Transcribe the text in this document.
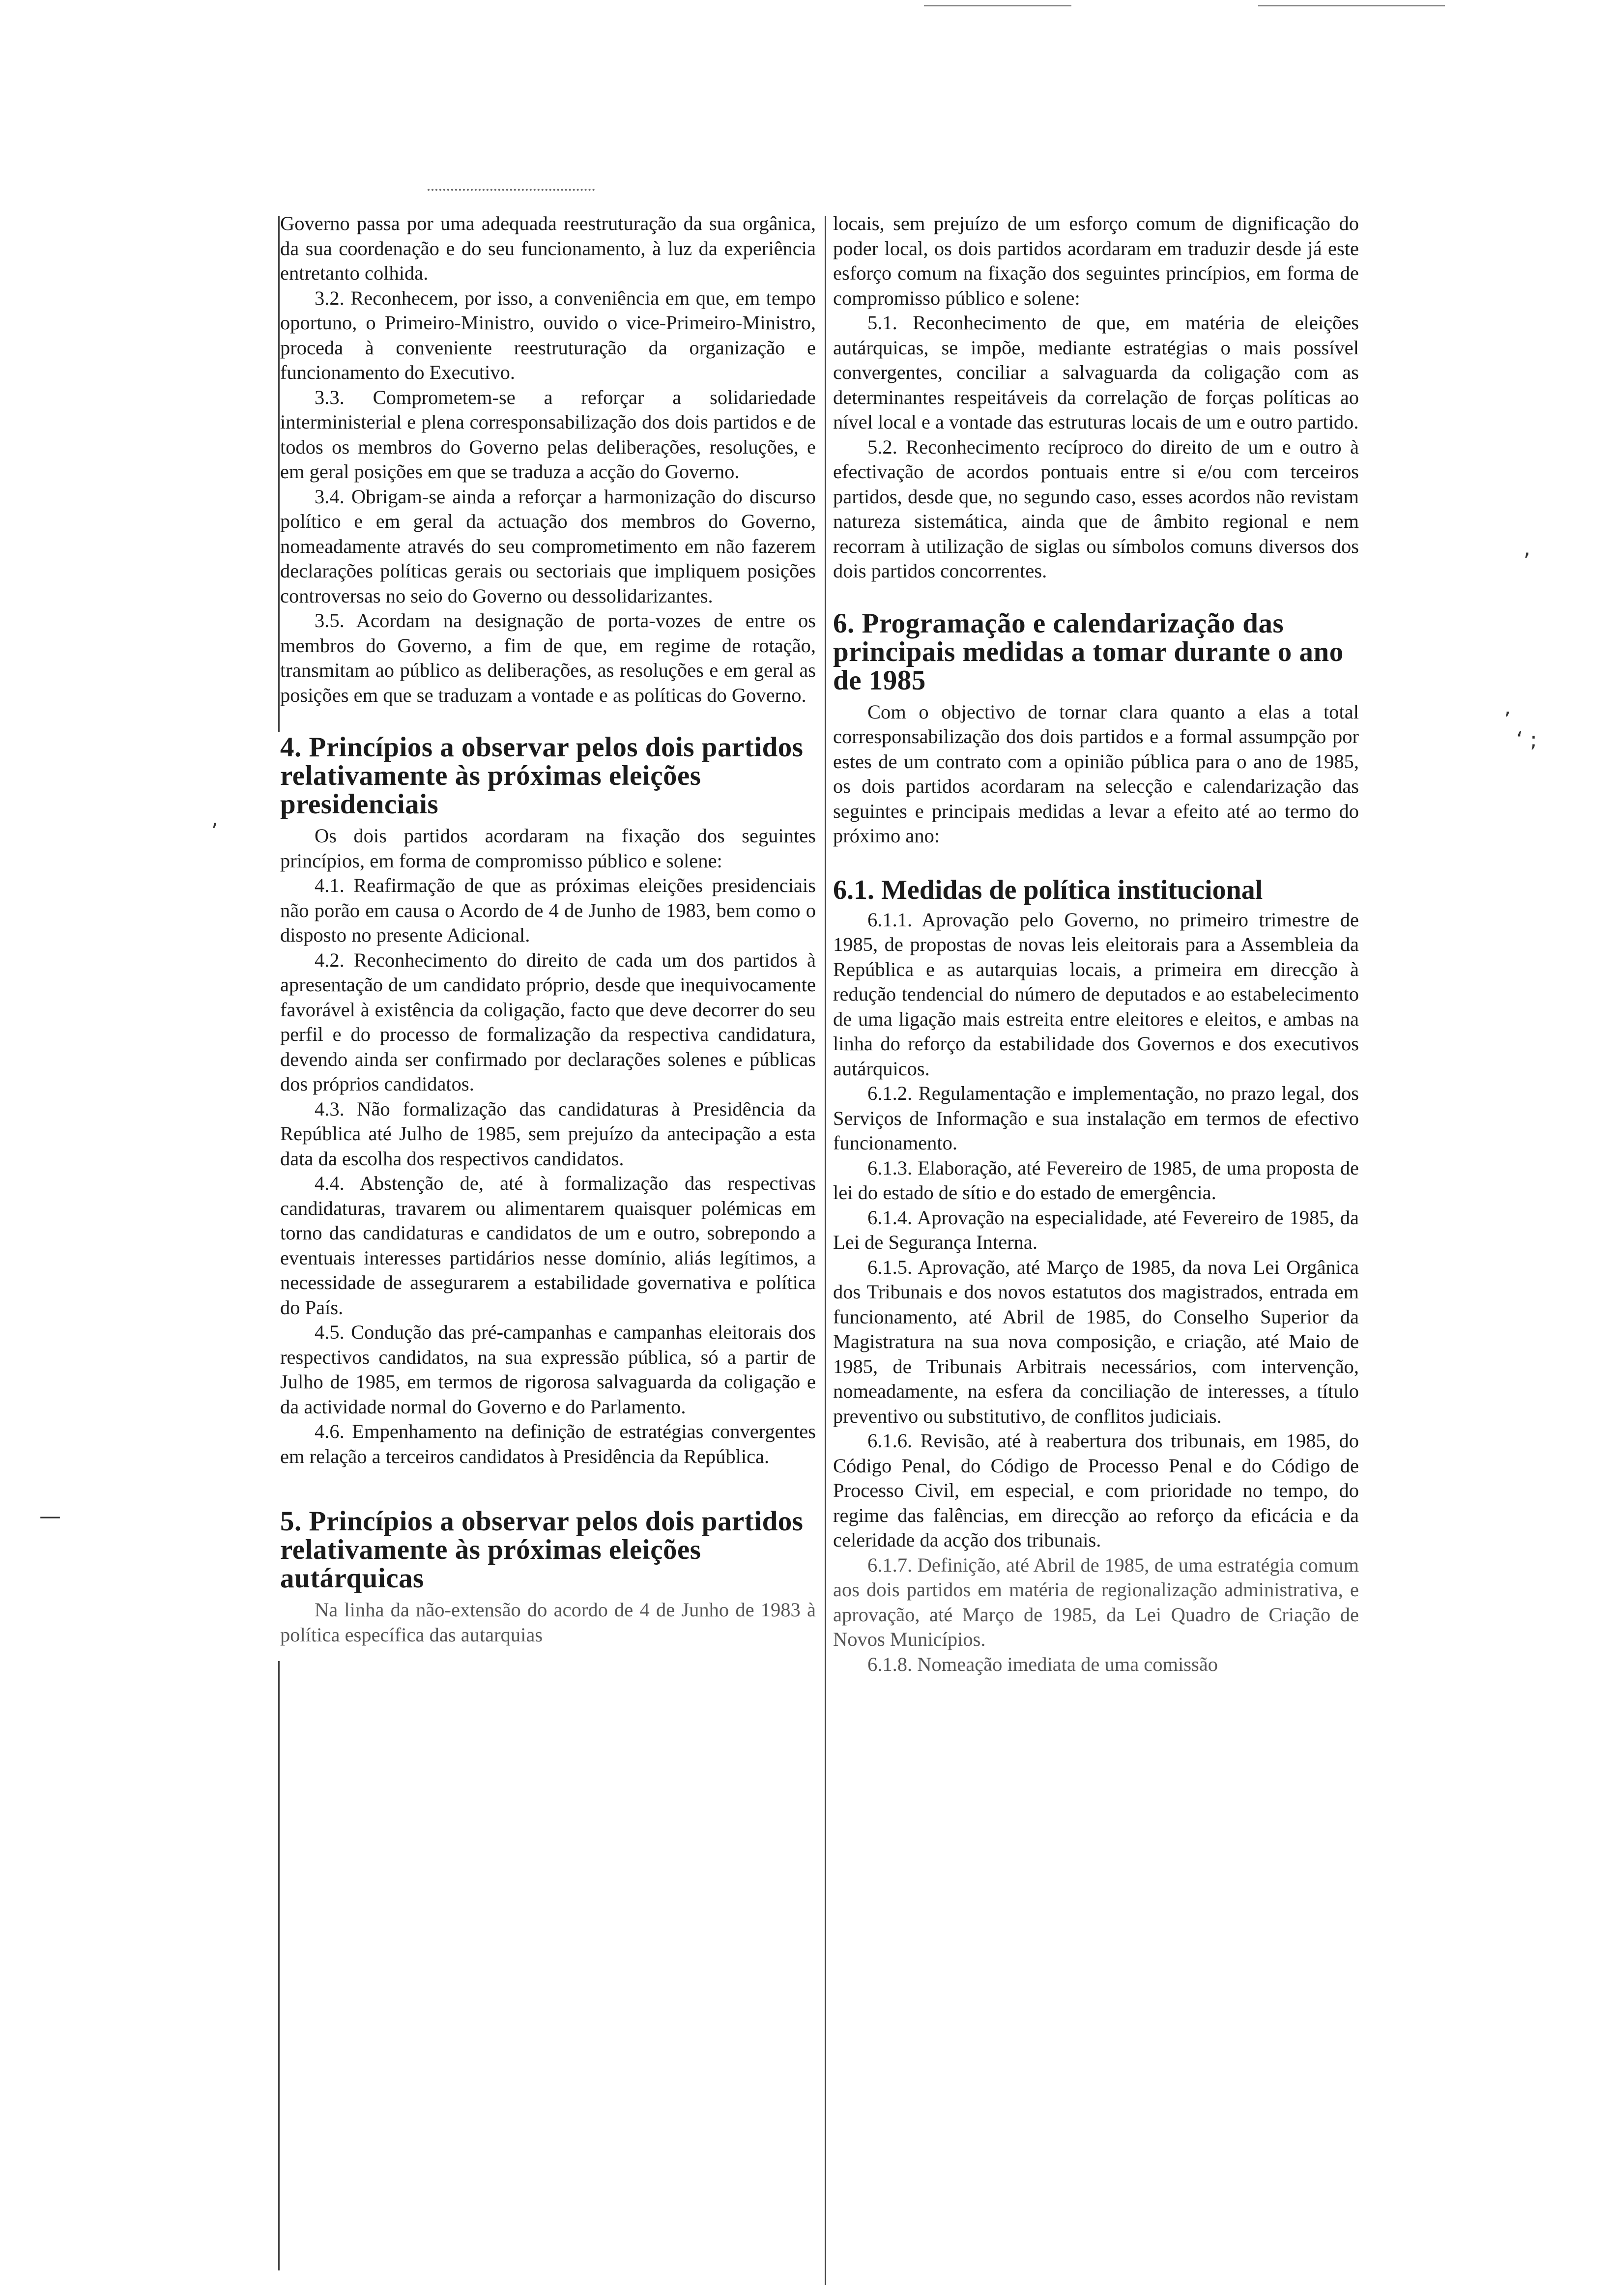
,
’
‘ ;
,
—

Governo passa por uma adequada reestruturação da sua orgânica, da sua coordenação e do seu funcionamento, à luz da experiência entretanto colhida.

3.2. Reconhecem, por isso, a conveniência em que, em tempo oportuno, o Primeiro-Ministro, ouvido o vice-Primeiro-Ministro, proceda à conveniente reestruturação da organização e funcionamento do Executivo.

3.3. Comprometem-se a reforçar a solidariedade interministerial e plena corresponsabilização dos dois partidos e de todos os membros do Governo pelas deliberações, resoluções, e em geral posições em que se traduza a acção do Governo.

3.4. Obrigam-se ainda a reforçar a harmonização do discurso político e em geral da actuação dos membros do Governo, nomeadamente através do seu comprometimento em não fazerem declarações políticas gerais ou sectoriais que impliquem posições controversas no seio do Governo ou dessolidarizantes.

3.5. Acordam na designação de porta-vozes de entre os membros do Governo, a fim de que, em regime de rotação, transmitam ao público as deliberações, as resoluções e em geral as posições em que se traduzam a vontade e as políticas do Governo.

4. Princípios a observar pelos dois partidos relativamente às próximas eleições presidenciais

Os dois partidos acordaram na fixação dos seguintes princípios, em forma de compromisso público e solene:

4.1. Reafirmação de que as próximas eleições presidenciais não porão em causa o Acordo de 4 de Junho de 1983, bem como o disposto no presente Adicional.

4.2. Reconhecimento do direito de cada um dos partidos à apresentação de um candidato próprio, desde que inequivocamente favorável à existência da coligação, facto que deve decorrer do seu perfil e do processo de formalização da respectiva candidatura, devendo ainda ser confirmado por declarações solenes e públicas dos próprios candidatos.

4.3. Não formalização das candidaturas à Presidência da República até Julho de 1985, sem prejuízo da antecipação a esta data da escolha dos respectivos candidatos.

4.4. Abstenção de, até à formalização das respectivas candidaturas, travarem ou alimentarem quaisquer polémicas em torno das candidaturas e candidatos de um e outro, sobrepondo a eventuais interesses partidários nesse domínio, aliás legítimos, a necessidade de assegurarem a estabilidade governativa e política do País.

4.5. Condução das pré-campanhas e campanhas eleitorais dos respectivos candidatos, na sua expressão pública, só a partir de Julho de 1985, em termos de rigorosa salvaguarda da coligação e da actividade normal do Governo e do Parlamento.

4.6. Empenhamento na definição de estratégias convergentes em relação a terceiros candidatos à Presidência da República.

5. Princípios a observar pelos dois partidos relativamente às próximas eleições autárquicas

Na linha da não-extensão do acordo de 4 de Junho de 1983 à política específica das autarquias

locais, sem prejuízo de um esforço comum de dignificação do poder local, os dois partidos acordaram em traduzir desde já este esforço comum na fixação dos seguintes princípios, em forma de compromisso público e solene:

5.1. Reconhecimento de que, em matéria de eleições autárquicas, se impõe, mediante estratégias o mais possível convergentes, conciliar a salvaguarda da coligação com as determinantes respeitáveis da correlação de forças políticas ao nível local e a vontade das estruturas locais de um e outro partido.

5.2. Reconhecimento recíproco do direito de um e outro à efectivação de acordos pontuais entre si e/ou com terceiros partidos, desde que, no segundo caso, esses acordos não revistam natureza sistemática, ainda que de âmbito regional e nem recorram à utilização de siglas ou símbolos comuns diversos dos dois partidos concorrentes.

6. Programação e calendarização das principais medidas a tomar durante o ano de 1985

Com o objectivo de tornar clara quanto a elas a total corresponsabilização dos dois partidos e a formal assumpção por estes de um contrato com a opinião pública para o ano de 1985, os dois partidos acordaram na selecção e calendarização das seguintes e principais medidas a levar a efeito até ao termo do próximo ano:

6.1. Medidas de política institucional

6.1.1. Aprovação pelo Governo, no primeiro trimestre de 1985, de propostas de novas leis eleitorais para a Assembleia da República e as autarquias locais, a primeira em direcção à redução tendencial do número de deputados e ao estabelecimento de uma ligação mais estreita entre eleitores e eleitos, e ambas na linha do reforço da estabilidade dos Governos e dos executivos autárquicos.

6.1.2. Regulamentação e implementação, no prazo legal, dos Serviços de Informação e sua instalação em termos de efectivo funcionamento.

6.1.3. Elaboração, até Fevereiro de 1985, de uma proposta de lei do estado de sítio e do estado de emergência.

6.1.4. Aprovação na especialidade, até Fevereiro de 1985, da Lei de Segurança Interna.

6.1.5. Aprovação, até Março de 1985, da nova Lei Orgânica dos Tribunais e dos novos estatutos dos magistrados, entrada em funcionamento, até Abril de 1985, do Conselho Superior da Magistratura na sua nova composição, e criação, até Maio de 1985, de Tribunais Arbitrais necessários, com intervenção, nomeadamente, na esfera da conciliação de interesses, a título preventivo ou substitutivo, de conflitos judiciais.

6.1.6. Revisão, até à reabertura dos tribunais, em 1985, do Código Penal, do Código de Processo Penal e do Código de Processo Civil, em especial, e com prioridade no tempo, do regime das falências, em direcção ao reforço da eficácia e da celeridade da acção dos tribunais.

6.1.7. Definição, até Abril de 1985, de uma estratégia comum aos dois partidos em matéria de regionalização administrativa, e aprovação, até Março de 1985, da Lei Quadro de Criação de Novos Municípios.

6.1.8. Nomeação imediata de uma comissão
